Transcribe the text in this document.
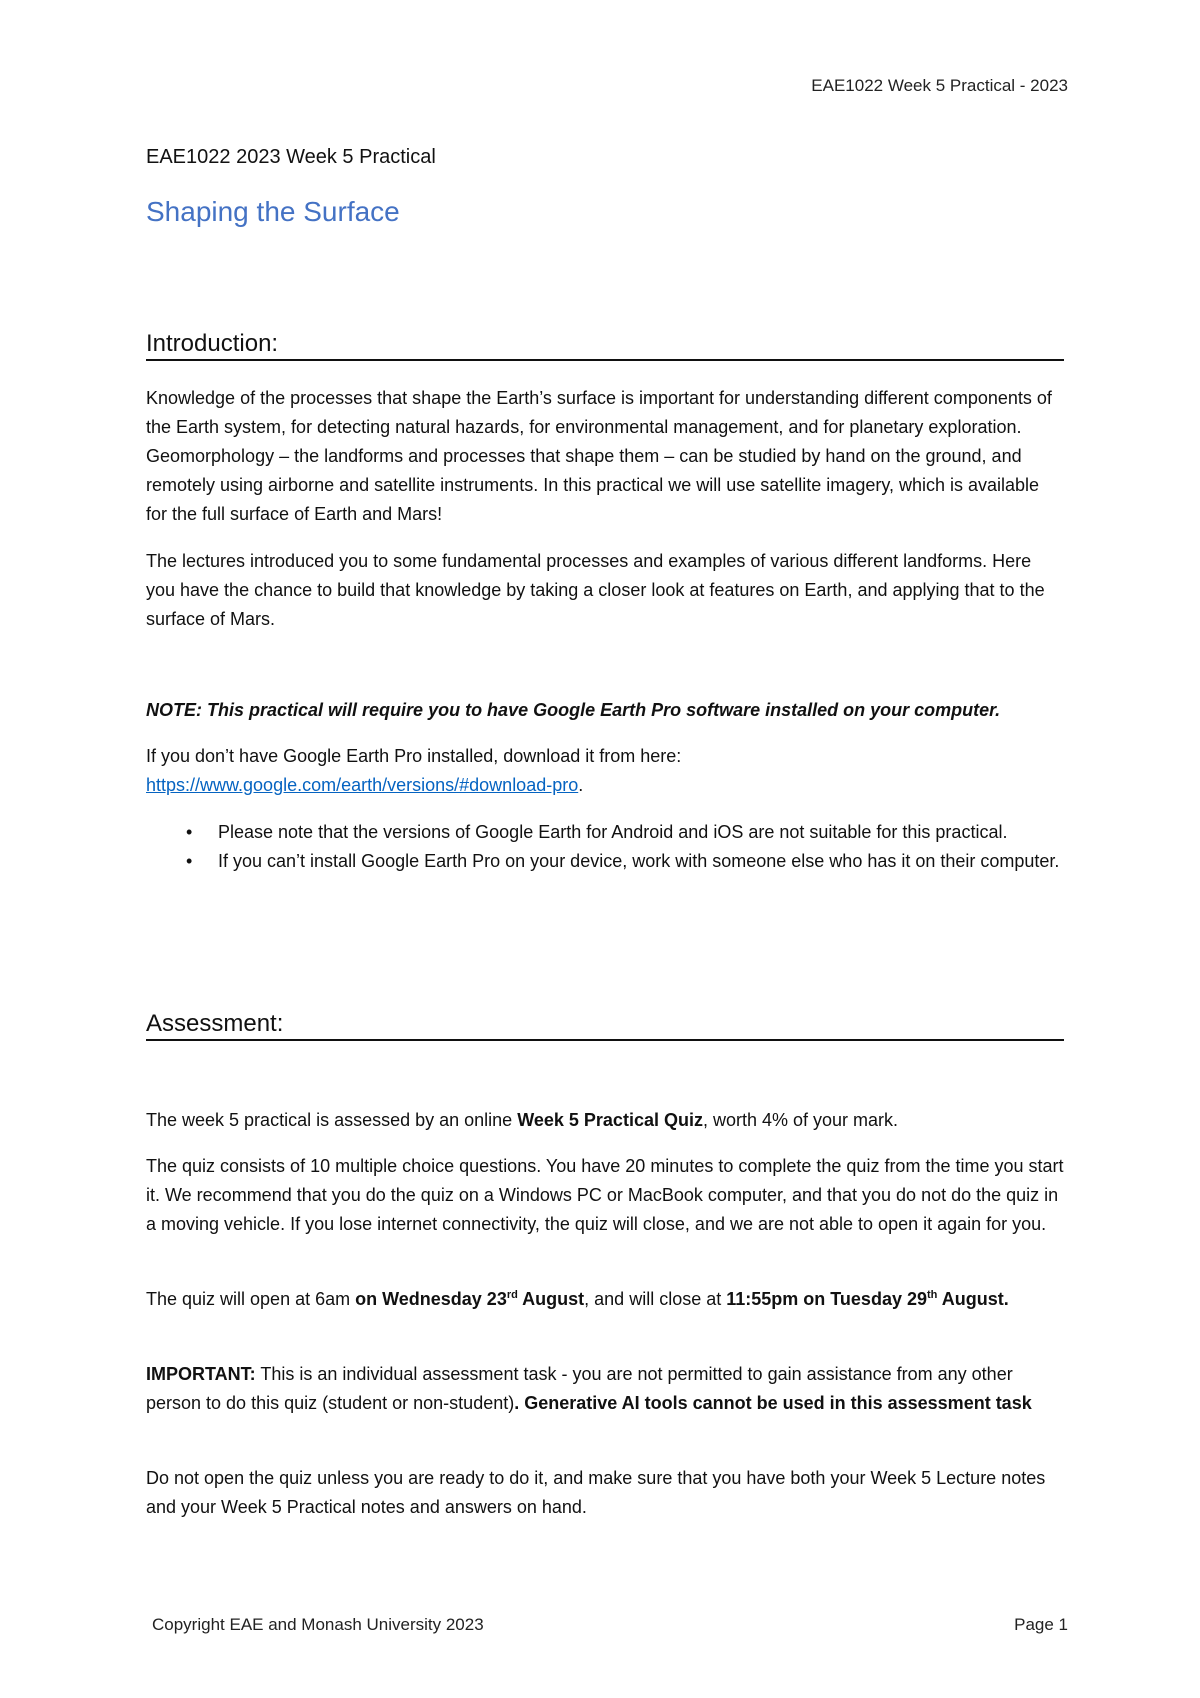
EAE1022 Week 5 Practical - 2023
EAE1022 2023 Week 5 Practical
Shaping the Surface
Introduction:

Knowledge of the processes that shape the Earth’s surface is important for understanding different components of the Earth system, for detecting natural hazards, for environmental management, and for planetary exploration. Geomorphology – the landforms and processes that shape them – can be studied by hand on the ground, and remotely using airborne and satellite instruments. In this practical we will use satellite imagery, which is available for the full surface of Earth and Mars!

The lectures introduced you to some fundamental processes and examples of various different landforms. Here you have the chance to build that knowledge by taking a closer look at features on Earth, and applying that to the surface of Mars.

NOTE: This practical will require you to have Google Earth Pro software installed on your computer.

If you don’t have Google Earth Pro installed, download it from here:
https://www.google.com/earth/versions/#download-pro.

• Please note that the versions of Google Earth for Android and iOS are not suitable for this practical.
• If you can’t install Google Earth Pro on your device, work with someone else who has it on their computer.
Assessment:

The week 5 practical is assessed by an online Week 5 Practical Quiz, worth 4% of your mark.

The quiz consists of 10 multiple choice questions. You have 20 minutes to complete the quiz from the time you start it. We recommend that you do the quiz on a Windows PC or MacBook computer, and that you do not do the quiz in a moving vehicle. If you lose internet connectivity, the quiz will close, and we are not able to open it again for you.

The quiz will open at 6am on Wednesday 23rd August, and will close at 11:55pm on Tuesday 29th August.

IMPORTANT: This is an individual assessment task - you are not permitted to gain assistance from any other person to do this quiz (student or non-student). Generative AI tools cannot be used in this assessment task

Do not open the quiz unless you are ready to do it, and make sure that you have both your Week 5 Lecture notes and your Week 5 Practical notes and answers on hand.

Copyright EAE and Monash University 2023	Page 1
